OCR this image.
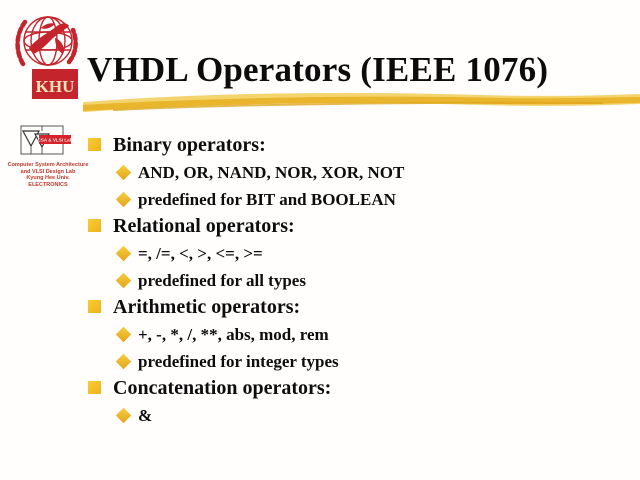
KHU VHDL Operators (IEEE 1076)
CSA & VLSI Lab
Computer System Architecture
and VLSI Design Lab
Kyung Hee Univ. ELECTRONICS
Binary operators:
AND, OR, NAND, NOR, XOR, NOT
predefined for BIT and BOOLEAN
Relational operators:
=, /=, <, >, <=, >=
predefined for all types
Arithmetic operators:
+, -, *, /, **, abs, mod, rem
predefined for integer types
Concatenation operators:
&
